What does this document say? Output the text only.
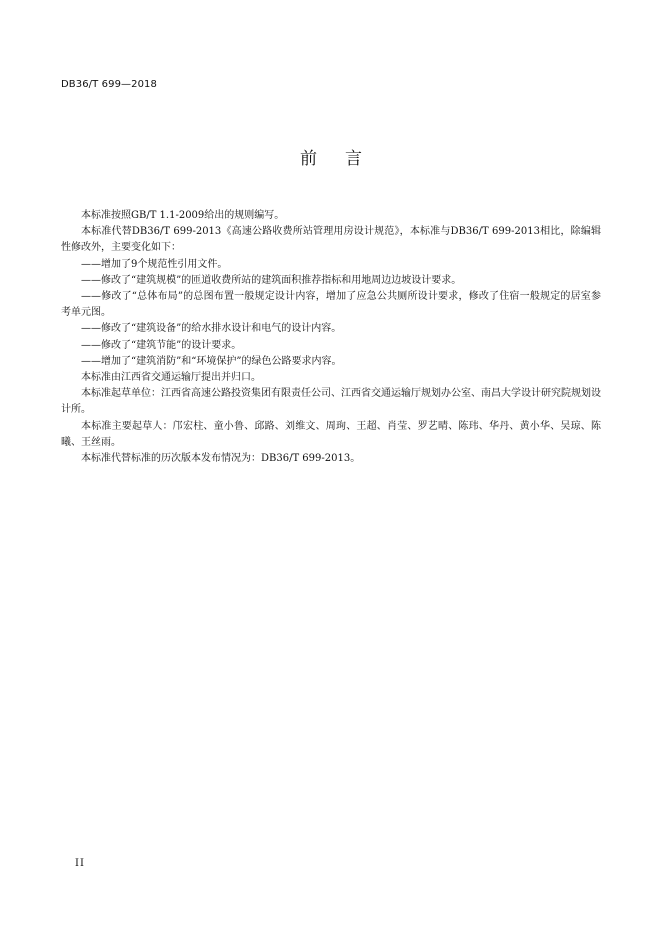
DB36/T 699—2018
前言

本标准按照GB/T 1.1-2009给出的规则编写。

本标准代替DB36/T 699-2013《高速公路收费所站管理用房设计规范》，本标准与DB36/T 699-2013相比，除编辑性修改外，主要变化如下：

——增加了9个规范性引用文件。

——修改了“建筑规模”的匝道收费所站的建筑面积推荐指标和用地周边边坡设计要求。

——修改了“总体布局”的总图布置一般规定设计内容，增加了应急公共厕所设计要求，修改了住宿一般规定的居室参考单元图。

——修改了“建筑设备”的给水排水设计和电气的设计内容。

——修改了“建筑节能”的设计要求。

——增加了“建筑消防”和“环境保护”的绿色公路要求内容。

本标准由江西省交通运输厅提出并归口。

本标准起草单位：江西省高速公路投资集团有限责任公司、江西省交通运输厅规划办公室、南昌大学设计研究院规划设计所。

本标准主要起草人：邝宏柱、童小鲁、邱路、刘维文、周珣、王超、肖莹、罗艺晴、陈玮、华丹、黄小华、吴琼、陈曦、王丝雨。

本标准代替标准的历次版本发布情况为：DB36/T 699-2013。

II
